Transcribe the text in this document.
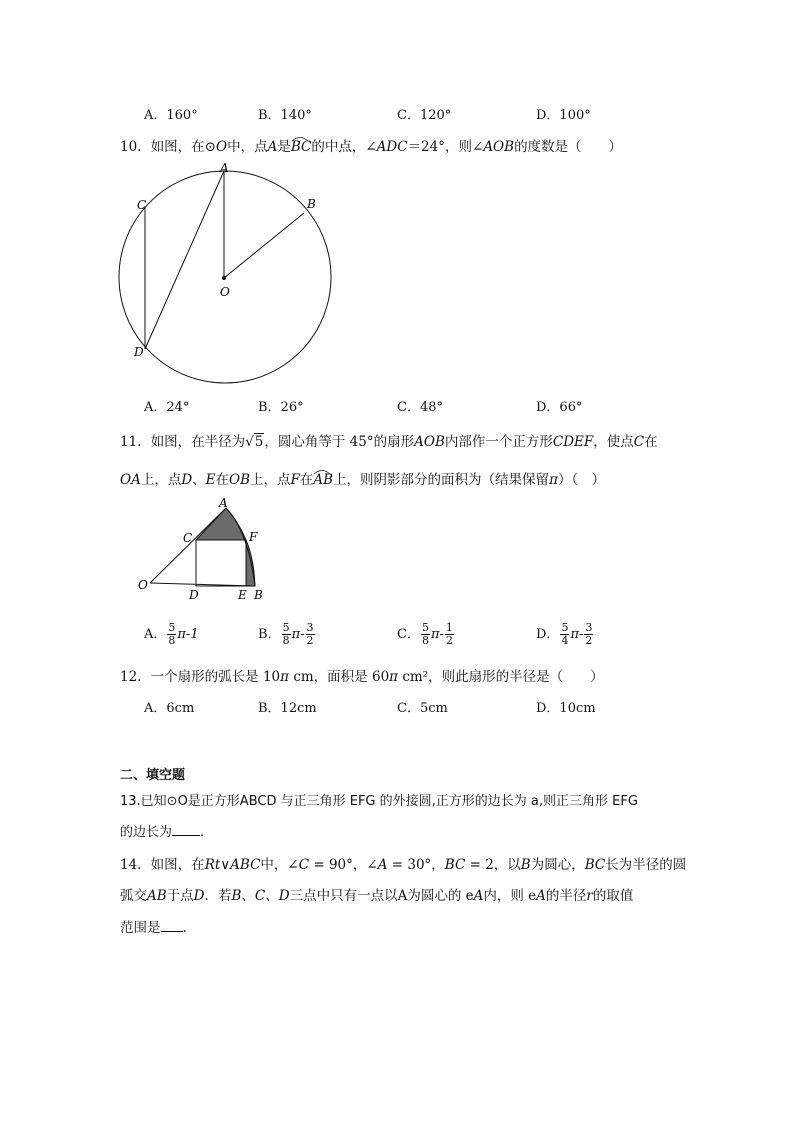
A．160°	B．140°	C．120°	D．100°
10．如图，在⊙O中，点A是BC
的中点，∠ADC＝24°，则∠AOB的度数是（　　）
A
B
C
D
O
A．24°	B．26°	C．48°	D．66°
11．如图，在半径为√5，圆心角等于 45°的扇形AOB内部作一个正方形CDEF，使点C在
OA上，点D、E在OB上，点F在AB
上，则阴影部分的面积为（结果保留π）（　）
A
C	F
O
D	E B
A． $\frac{5}{8} \pi-1$	B． $\frac{5}{8} \pi- \frac{3}{2}$	C． $\frac{5}{8} \pi- \frac{1}{2}$	D． $\frac{5}{4} \pi- \frac{3}{2}$
12．一个扇形的弧长是 10π cm，面积是 60π cm²，则此扇形的半径是（　　）
A．6cm	B．12cm	C．5cm	D．10cm
二、填空题
13.已知⊙O是正方形ABCD 与正三角形 EFG 的外接圆,正方形的边长为 a,则正三角形 EFG
的边长为 .
14．如图，在Rt∨ABC中，∠C = 90°，∠A = 30°，BC = 2，以B为圆心，BC长为半径的圆
弧交AB于点D．若B、C、D三点中只有一点以A为圆心的 eA内，则 eA的半径r的取值
范围是 .
